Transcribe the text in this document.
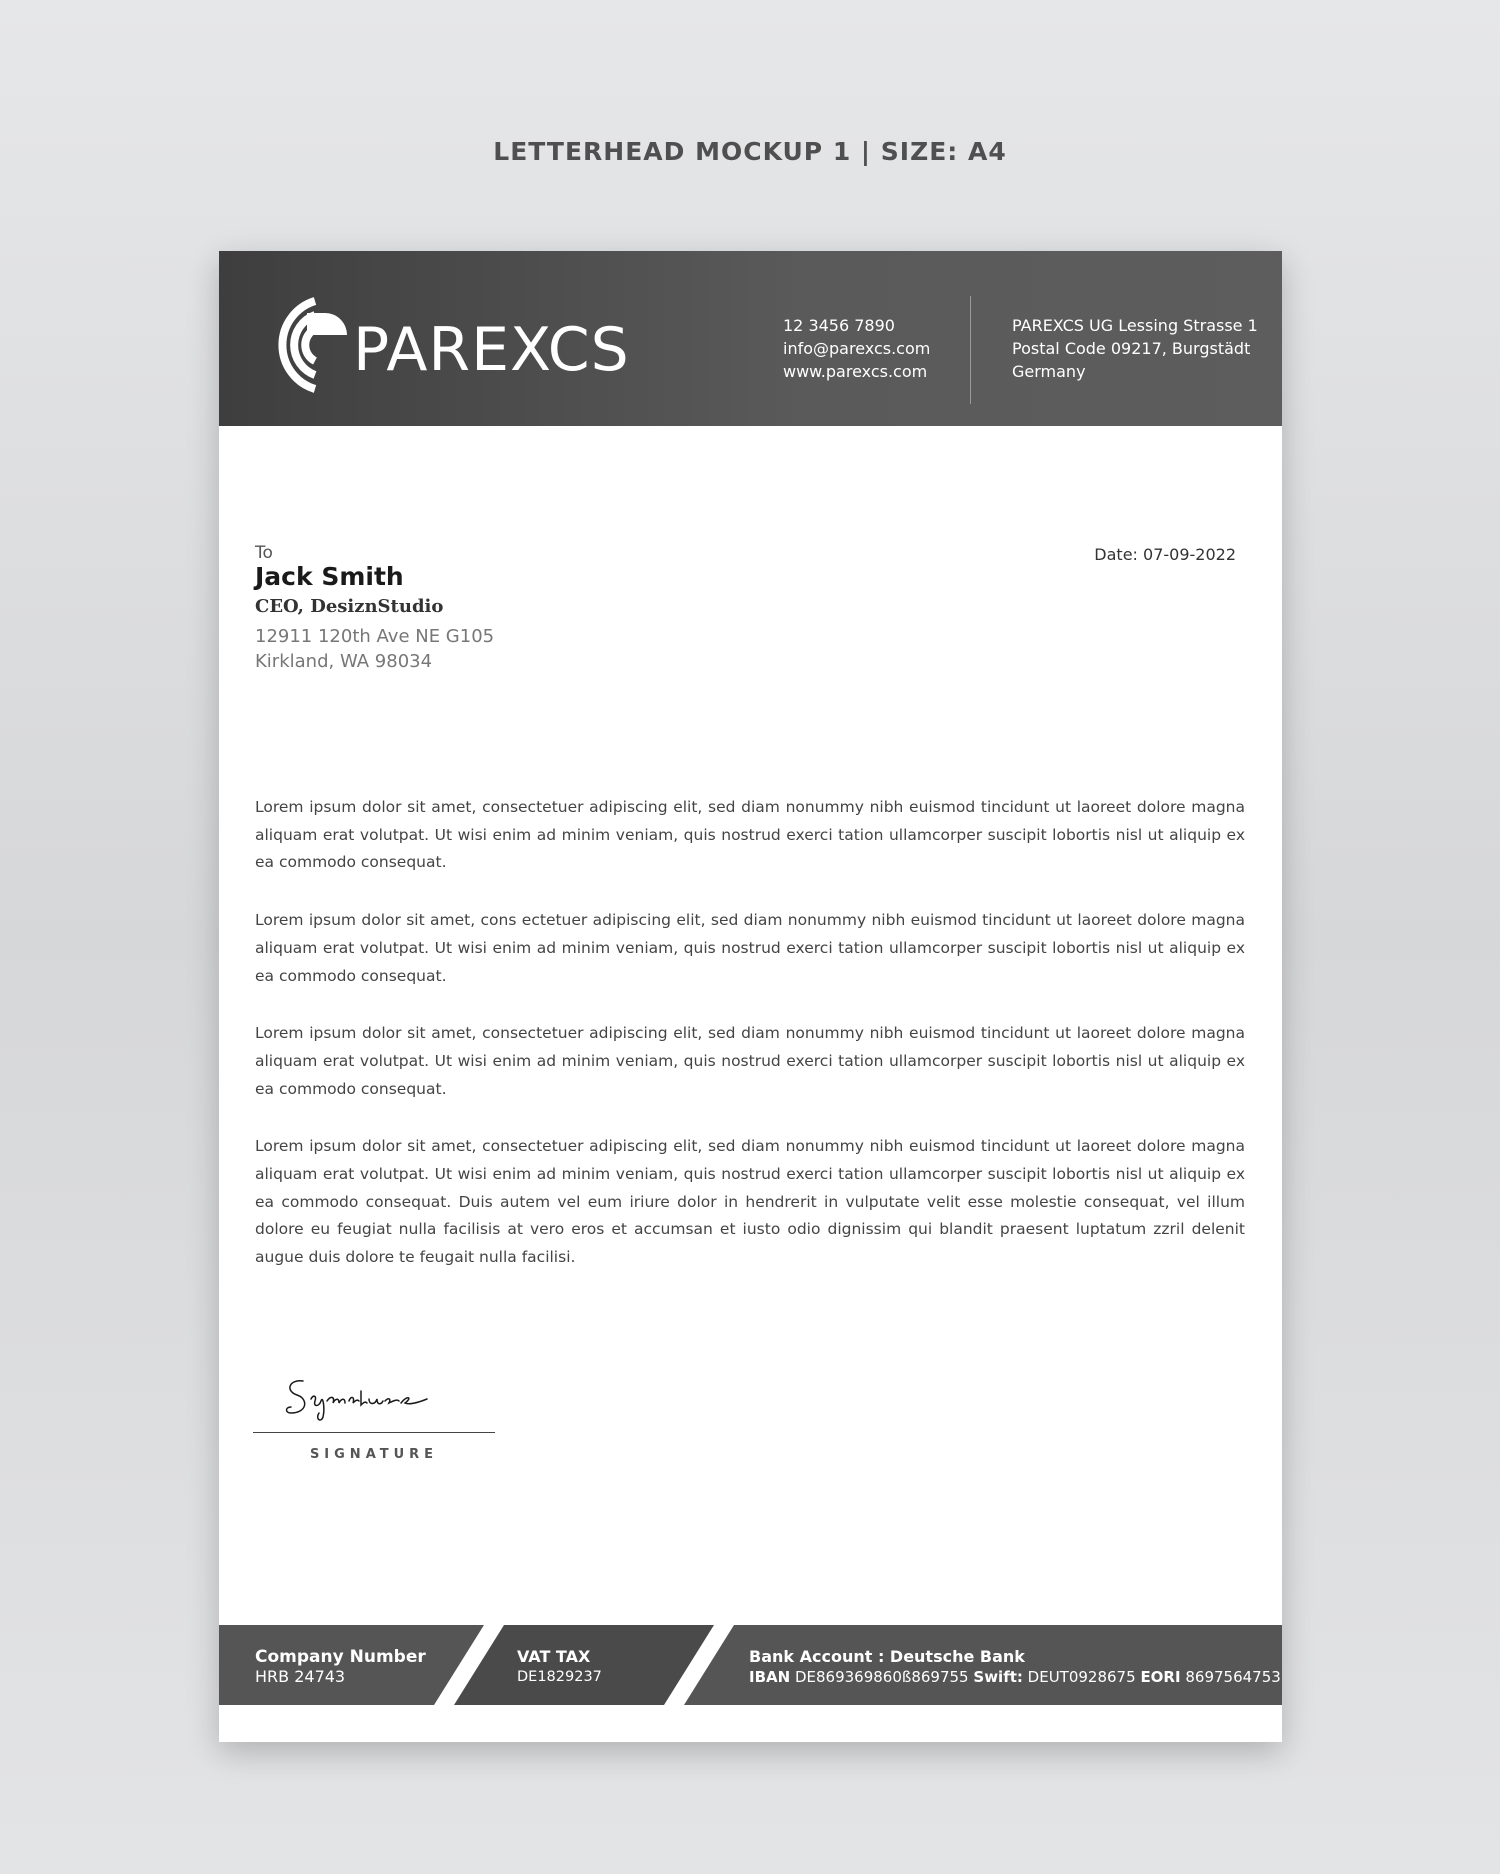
LETTERHEAD MOCKUP 1 | SIZE: A4
PAREXCS	12 3456 7890
info@parexcs.com
www.parexcs.com
PAREXCS UG Lessing Strasse 1
Postal Code 09217, Burgstädt
Germany
To
Jack Smith
CEO, DesiznStudio
12911 120th Ave NE G105
Kirkland, WA 98034
Date: 07-09-2022

Lorem ipsum dolor sit amet, consectetuer adipiscing elit, sed diam nonummy nibh euismod tincidunt ut laoreet dolore magna aliquam erat volutpat. Ut wisi enim ad minim veniam, quis nostrud exerci tation ullamcorper suscipit lobortis nisl ut aliquip ex ea commodo consequat.

Lorem ipsum dolor sit amet, cons ectetuer adipiscing elit, sed diam nonummy nibh euismod tincidunt ut laoreet dolore magna aliquam erat volutpat. Ut wisi enim ad minim veniam, quis nostrud exerci tation ullamcorper suscipit lobortis nisl ut aliquip ex ea commodo consequat.

Lorem ipsum dolor sit amet, consectetuer adipiscing elit, sed diam nonummy nibh euismod tincidunt ut laoreet dolore magna aliquam erat volutpat. Ut wisi enim ad minim veniam, quis nostrud exerci tation ullamcorper suscipit lobortis nisl ut aliquip ex ea commodo consequat.

Lorem ipsum dolor sit amet, consectetuer adipiscing elit, sed diam nonummy nibh euismod tincidunt ut laoreet dolore magna aliquam erat volutpat. Ut wisi enim ad minim veniam, quis nostrud exerci tation ullamcorper suscipit lobortis nisl ut aliquip ex ea commodo consequat. Duis autem vel eum iriure dolor in hendrerit in vulputate velit esse molestie consequat, vel illum dolore eu feugiat nulla facilisis at vero eros et accumsan et iusto odio dignissim qui blandit praesent luptatum zzril delenit augue duis dolore te feugait nulla facilisi.

SIGNATURE
Company Number
HRB 24743
VAT TAX
DE1829237
Bank Account : Deutsche Bank
IBAN DE869369860ß869755 Swift: DEUT0928675 EORI 8697564753
